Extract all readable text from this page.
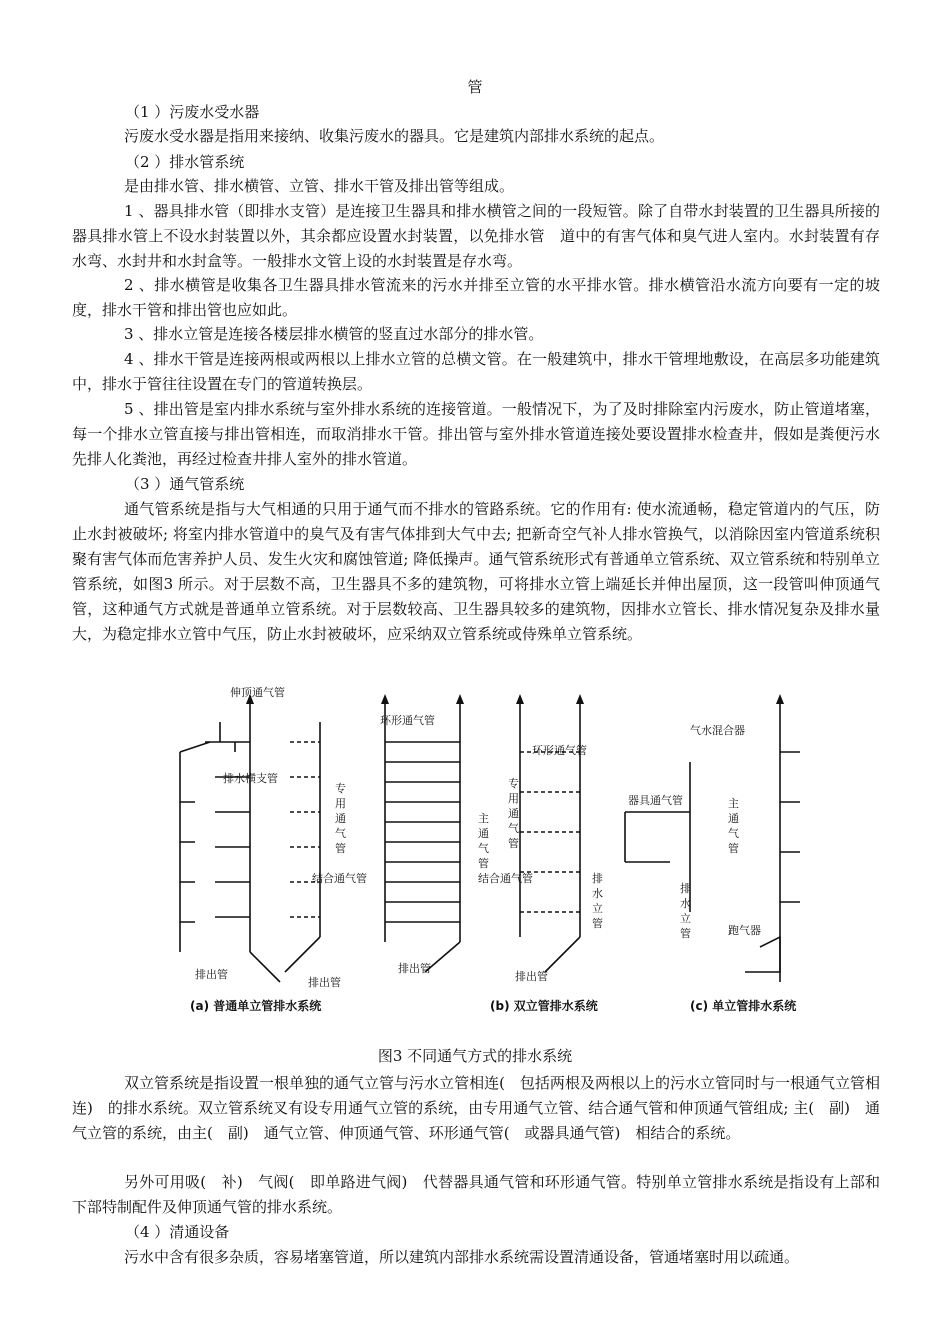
管

（1 ）污废水受水器

污废水受水器是指用来接纳、收集污废水的器具。它是建筑内部排水系统的起点。

（2 ）排水管系统

是由排水管、排水横管、立管、排水干管及排出管等组成。

1 、器具排水管（即排水支管）是连接卫生器具和排水横管之间的一段短管。除了自带水封装置的卫生器具所接的器具排水管上不设水封装置以外，其余都应设置水封装置，以免排水管　道中的有害气体和臭气进人室内。水封装置有存水弯、水封井和水封盒等。一般排水文管上设的水封装置是存水弯。

2 、排水横管是收集各卫生器具排水管流来的污水并排至立管的水平排水管。排水横管沿水流方向要有一定的坡度，排水干管和排出管也应如此。

3 、排水立管是连接各楼层排水横管的竖直过水部分的排水管。

4 、排水干管是连接两根或两根以上排水立管的总横文管。在一般建筑中，排水干管埋地敷设，在高层多功能建筑中，排水于管往往设置在专门的管道转换层。

5 、排出管是室内排水系统与室外排水系统的连接管道。一般情况下，为了及时排除室内污废水，防止管道堵塞，每一个排水立管直接与排出管相连，而取消排水干管。排出管与室外排水管道连接处要设置排水检查井，假如是粪便污水先排人化粪池，再经过检查井排人室外的排水管道。

（3 ）通气管系统

通气管系统是指与大气相通的只用于通气而不排水的管路系统。它的作用有: 使水流通畅，稳定管道内的气压，防止水封被破坏; 将室内排水管道中的臭气及有害气体排到大气中去; 把新奇空气补人排水管换气，以消除因室内管道系统积聚有害气体而危害养护人员、发生火灾和腐蚀管道; 降低操声。通气管系统形式有普通单立管系统、双立管系统和特别单立管系统，如图3 所示。对于层数不高，卫生器具不多的建筑物，可将排水立管上端延长并伸出屋顶，这一段管叫伸顶通气管，这种通气方式就是普通单立管系统。对于层数较高、卫生器具较多的建筑物，因排水立管长、排水情况复杂及排水量大，为稳定排水立管中气压，防止水封被破坏，应采纳双立管系统或侍殊单立管系统。

伸顶通气管
排水横支管
专
用
通
气
管
结合通气管
排出管
排出管
(a) 普通单立管排水系统
环形通气管
环形通气管
主
通
气
管
专
用
通
气
管
结合通气管	排
水
立
管
排出管
排出管
(b) 双立管排水系统
气水混合器
器具通气管	主
通
气
管
排
水
立
管	跑气器
(c) 单立管排水系统
图3 不同通气方式的排水系统

双立管系统是指设置一根单独的通气立管与污水立管相连(　包括两根及两根以上的污水立管同时与一根通气立管相连)　的排水系统。双立管系统叉有设专用通气立管的系统，由专用通气立管、结合通气管和伸顶通气管组成; 主(　副)　通气立管的系统，由主(　副)　通气立管、伸顶通气管、环形通气管(　或器具通气管)　相结合的系统。

另外可用吸(　补)　气阀(　即单路进气阀)　代替器具通气管和环形通气管。特别单立管排水系统是指设有上部和下部特制配件及伸顶通气管的排水系统。

（4 ）清通设备

污水中含有很多杂质，容易堵塞管道，所以建筑内部排水系统需设置清通设备，管通堵塞时用以疏通。
